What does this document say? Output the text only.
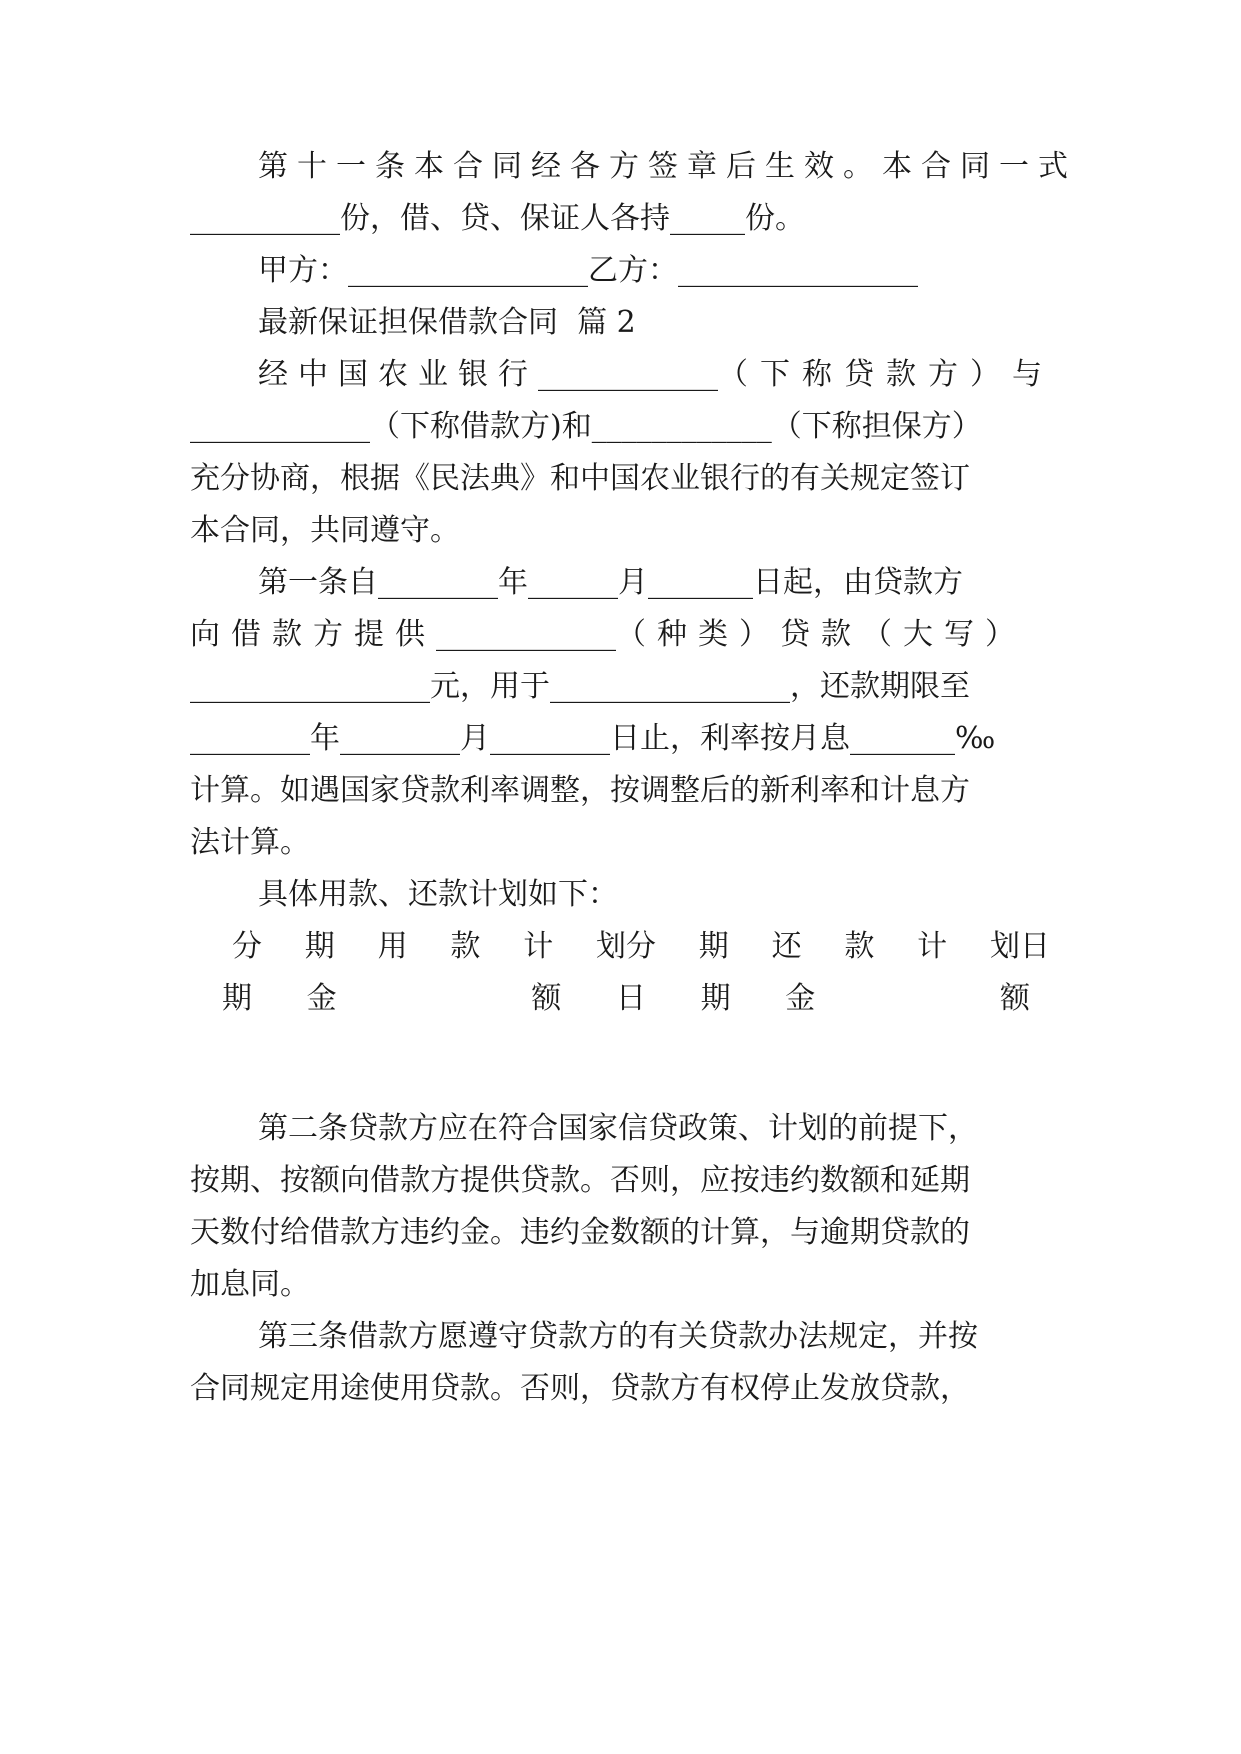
第十一条本合同经各方签章后生效。本合同一式
__________份，借、贷、保证人各持_____份。
甲方：________________乙方：________________
最新保证担保借款合同  篇 2
经中国农业银行____________（下称贷款方）与
____________（下称借款方)和____________（下称担保方）
充分协商，根据《民法典》和中国农业银行的有关规定签订
本合同，共同遵守。
第一条自________年______月_______日起，由贷款方
向借款方提供____________（种类）贷款（大写）
________________元，用于________________，还款期限至
________年________月________日止，利率按月息_______‰
计算。如遇国家贷款利率调整，按调整后的新利率和计息方
法计算。
具体用款、还款计划如下：
分 期 用 款 计 划分 期 还 款 计 划日
期 金	额 日 期 金	额
第二条贷款方应在符合国家信贷政策、计划的前提下，
按期、按额向借款方提供贷款。否则，应按违约数额和延期
天数付给借款方违约金。违约金数额的计算，与逾期贷款的
加息同。
第三条借款方愿遵守贷款方的有关贷款办法规定，并按
合同规定用途使用贷款。否则，贷款方有权停止发放贷款，
